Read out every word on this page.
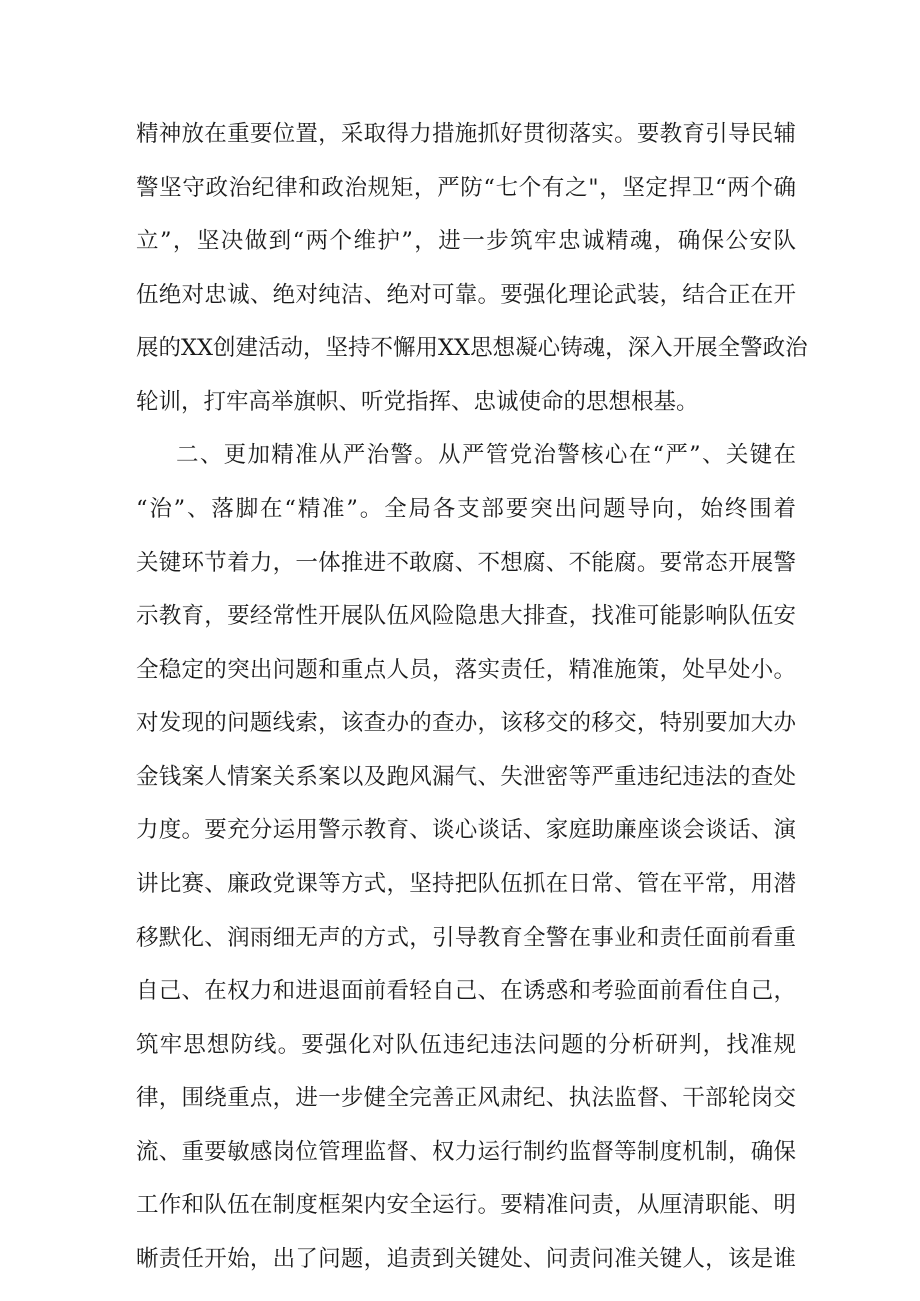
精神放在重要位置，采取得力措施抓好贯彻落实。要教育引导民辅
警坚守政治纪律和政治规矩，严防“七个有之"，坚定捍卫“两个确
立”，坚决做到“两个维护”，进一步筑牢忠诚精魂，确保公安队
伍绝对忠诚、绝对纯洁、绝对可靠。要强化理论武装，结合正在开
展的XX创建活动，坚持不懈用XX思想凝心铸魂，深入开展全警政治
轮训，打牢高举旗帜、听党指挥、忠诚使命的思想根基。
二、更加精准从严治警。从严管党治警核心在“严”、关键在
“治”、落脚在“精准”。全局各支部要突出问题导向，始终围着
关键环节着力，一体推进不敢腐、不想腐、不能腐。要常态开展警
示教育，要经常性开展队伍风险隐患大排查，找准可能影响队伍安
全稳定的突出问题和重点人员，落实责任，精准施策，处早处小。
对发现的问题线索，该查办的查办，该移交的移交，特别要加大办
金钱案人情案关系案以及跑风漏气、失泄密等严重违纪违法的查处
力度。要充分运用警示教育、谈心谈话、家庭助廉座谈会谈话、演
讲比赛、廉政党课等方式，坚持把队伍抓在日常、管在平常，用潜
移默化、润雨细无声的方式，引导教育全警在事业和责任面前看重
自己、在权力和进退面前看轻自己、在诱惑和考验面前看住自己，
筑牢思想防线。要强化对队伍违纪违法问题的分析研判，找准规
律，围绕重点，进一步健全完善正风肃纪、执法监督、干部轮岗交
流、重要敏感岗位管理监督、权力运行制约监督等制度机制，确保
工作和队伍在制度框架内安全运行。要精准问责，从厘清职能、明
晰责任开始，出了问题，追责到关键处、问责问准关键人，该是谁
